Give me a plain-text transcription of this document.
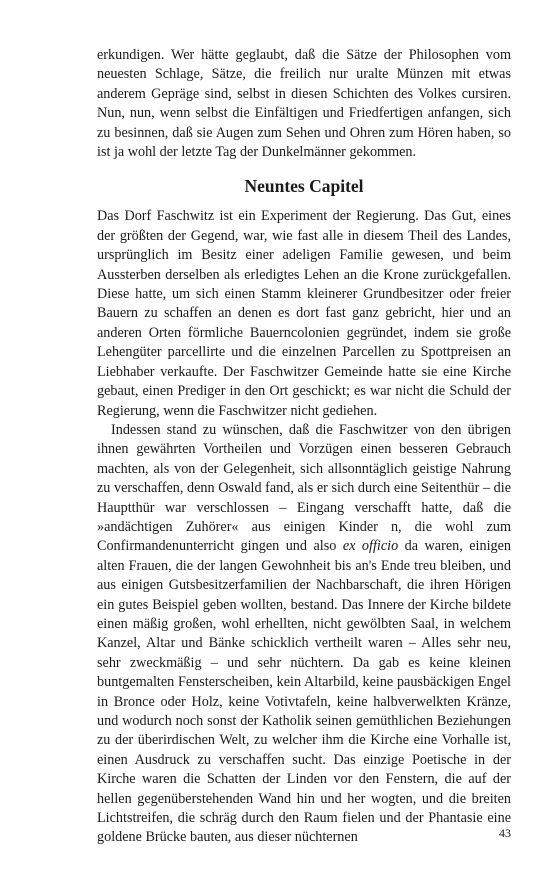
erkundigen. Wer hätte geglaubt, daß die Sätze der Philosophen vom neuesten Schlage, Sätze, die freilich nur uralte Münzen mit etwas anderem Gepräge sind, selbst in diesen Schichten des Volkes cursiren. Nun, nun, wenn selbst die Einfältigen und Friedfertigen anfangen, sich zu besinnen, daß sie Augen zum Sehen und Ohren zum Hören haben, so ist ja wohl der letzte Tag der Dunkelmänner gekommen.

Neuntes Capitel

Das Dorf Faschwitz ist ein Experiment der Regierung. Das Gut, eines der größten der Gegend, war, wie fast alle in diesem Theil des Landes, ursprünglich im Besitz einer adeligen Familie gewesen, und beim Aussterben derselben als erledigtes Lehen an die Krone zurückgefallen. Diese hatte, um sich einen Stamm kleinerer Grundbesitzer oder freier Bauern zu schaffen an denen es dort fast ganz gebricht, hier und an anderen Orten förmliche Bauerncolonien gegründet, indem sie große Lehengüter parcellirte und die einzelnen Parcellen zu Spottpreisen an Liebhaber verkaufte. Der Faschwitzer Gemeinde hatte sie eine Kirche gebaut, einen Prediger in den Ort geschickt; es war nicht die Schuld der Regierung, wenn die Faschwitzer nicht gediehen.

Indessen stand zu wünschen, daß die Faschwitzer von den übrigen ihnen gewährten Vortheilen und Vorzügen einen besseren Gebrauch machten, als von der Gelegenheit, sich allsonntäglich geistige Nahrung zu verschaffen, denn Oswald fand, als er sich durch eine Seitenthür – die Hauptthür war verschlossen – Eingang verschafft hatte, daß die »andächtigen Zuhörer« aus einigen Kinder n, die wohl zum Confirmandenunterricht gingen und also ex officio da waren, einigen alten Frauen, die der langen Gewohnheit bis an's Ende treu bleiben, und aus einigen Gutsbesitzerfamilien der Nachbarschaft, die ihren Hörigen ein gutes Beispiel geben wollten, bestand. Das Innere der Kirche bildete einen mäßig großen, wohl erhellten, nicht gewölbten Saal, in welchem Kanzel, Altar und Bänke schicklich vertheilt waren – Alles sehr neu, sehr zweckmäßig – und sehr nüchtern. Da gab es keine kleinen buntgemalten Fensterscheiben, kein Altarbild, keine pausbäckigen Engel in Bronce oder Holz, keine Votivtafeln, keine halbverwelkten Kränze, und wodurch noch sonst der Katholik seinen gemüthlichen Beziehungen zu der überirdischen Welt, zu welcher ihm die Kirche eine Vorhalle ist, einen Ausdruck zu verschaffen sucht. Das einzige Poetische in der Kirche waren die Schatten der Linden vor den Fenstern, die auf der hellen gegenüberstehenden Wand hin und her wogten, und die breiten Lichtstreifen, die schräg durch den Raum fielen und der Phantasie eine goldene Brücke bauten, aus dieser nüchternen	43
